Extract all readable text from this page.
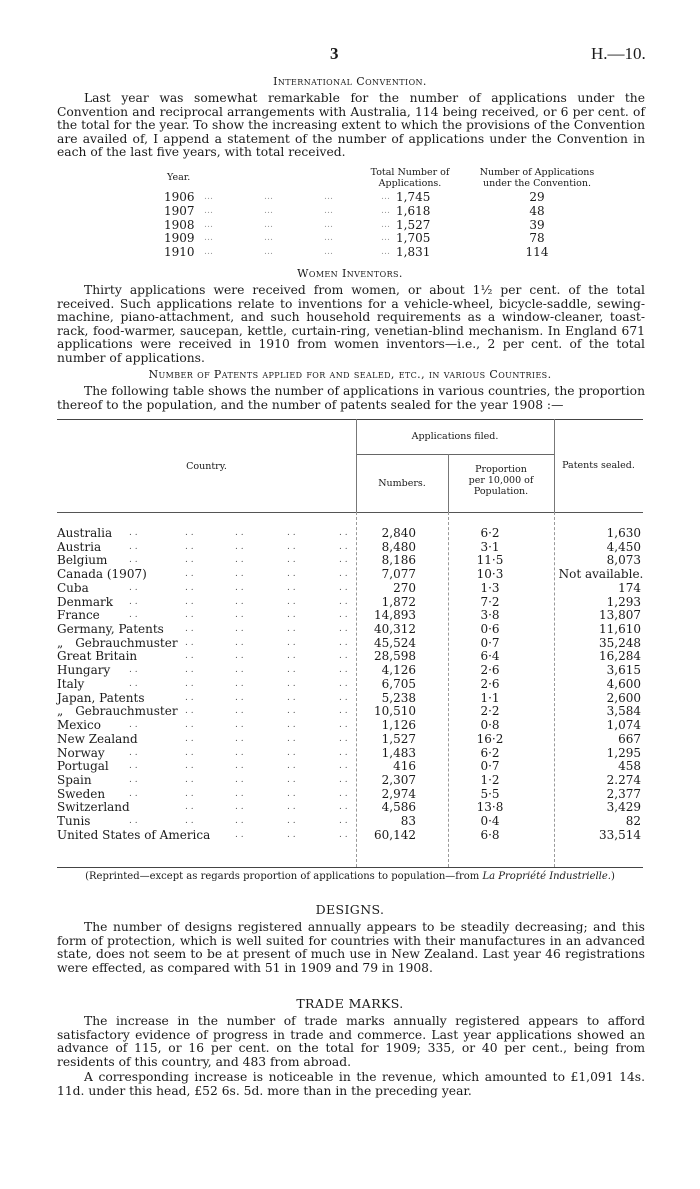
3	H.—10.
International Convention.
Last year was somewhat remarkable for the number of applications under the Convention and reciprocal arrangements with Australia, 114 being received, or 6 per cent. of the total for the year. To show the increasing extent to which the provisions of the Convention are availed of, I append a statement of the number of applications under the Convention in each of the last five years, with total received.
Year.	Total Number of Applications.
Number of Applications under the Convention.
1906 …	…	…	… 1,745	29
1907 …	…	…	… 1,618	48
1908 …	…	…	… 1,527	39
1909 …	…	…	… 1,705	78
1910 …	…	…	… 1,831	114
Women Inventors.
Thirty applications were received from women, or about 1½ per cent. of the total received. Such applications relate to inventions for a vehicle-wheel, bicycle-saddle, sewing-machine, piano-attachment, and such household requirements as a window-cleaner, toast-rack, food-warmer, saucepan, kettle, curtain-ring, venetian-blind mechanism. In England 671 applications were received in 1910 from women inventors—i.e., 2 per cent. of the total number of applications.
Number of Patents applied for and sealed, etc., in various Countries.
The following table shows the number of applications in various countries, the proportion thereof to the population, and the number of patents sealed for the year 1908 :—
Country.
Applications filed.
Numbers.
Proportion per 10,000 of Population.
Patents sealed.
Australia . .	. .	. .	. .	. .	2,840	6·2	1,630
Austria	. .	. .	. .	. .	. .	8,480	3·1	4,450
Belgium . .	. .	. .	. .	. .	8,186	11·5	8,073
Canada (1907)	. .	. .	. .	. .	7,077	10·3	Not available.
Cuba	. .	. .	. .	. .	. .	270	1·3	174
Denmark . .	. .	. .	. .	. .	1,872	7·2	1,293
France	. .	. .	. .	. .	. .	14,893	3·8	13,807
Germany, Patents . .	. .	. .	. .	40,312	0·6	11,610
„ Gebrauchmuster . .	. .	. .	. .	45,524	0·7	35,248
Great Britain	. .	. .	. .	. .	28,598	6·4	16,284
Hungary . .	. .	. .	. .	. .	4,126	2·6	3,615
Italy	. .	. .	. .	. .	. .	6,705	2·6	4,600
Japan, Patents	. .	. .	. .	. .	5,238	1·1	2,600
„ Gebrauchmuster . .	. .	. .	. .	10,510	2·2	3,584
Mexico	. .	. .	. .	. .	. .	1,126	0·8	1,074
New Zealand	. .	. .	. .	. .	1,527	16·2	667
Norway	. .	. .	. .	. .	. .	1,483	6·2	1,295
Portugal . .	. .	. .	. .	. .	416	0·7	458
Spain	. .	. .	. .	. .	. .	2,307	1·2	2.274
Sweden	. .	. .	. .	. .	. .	2,974	5·5	2,377
Switzerland	. .	. .	. .	. .	4,586	13·8	3,429
Tunis	. .	. .	. .	. .	. .	83	0·4	82
United States of America	. .	. .	. .	60,142	6·8	33,514
(Reprinted—except as regards proportion of applications to population—from La Propriété Industrielle.)
DESIGNS.
The number of designs registered annually appears to be steadily decreasing; and this form of protection, which is well suited for countries with their manufactures in an advanced state, does not seem to be at present of much use in New Zealand. Last year 46 registrations were effected, as compared with 51 in 1909 and 79 in 1908.
TRADE MARKS.
The increase in the number of trade marks annually registered appears to afford satisfactory evidence of progress in trade and commerce. Last year applications showed an advance of 115, or 16 per cent. on the total for 1909; 335, or 40 per cent., being from residents of this country, and 483 from abroad.
A corresponding increase is noticeable in the revenue, which amounted to £1,091 14s. 11d. under this head, £52 6s. 5d. more than in the preceding year.
